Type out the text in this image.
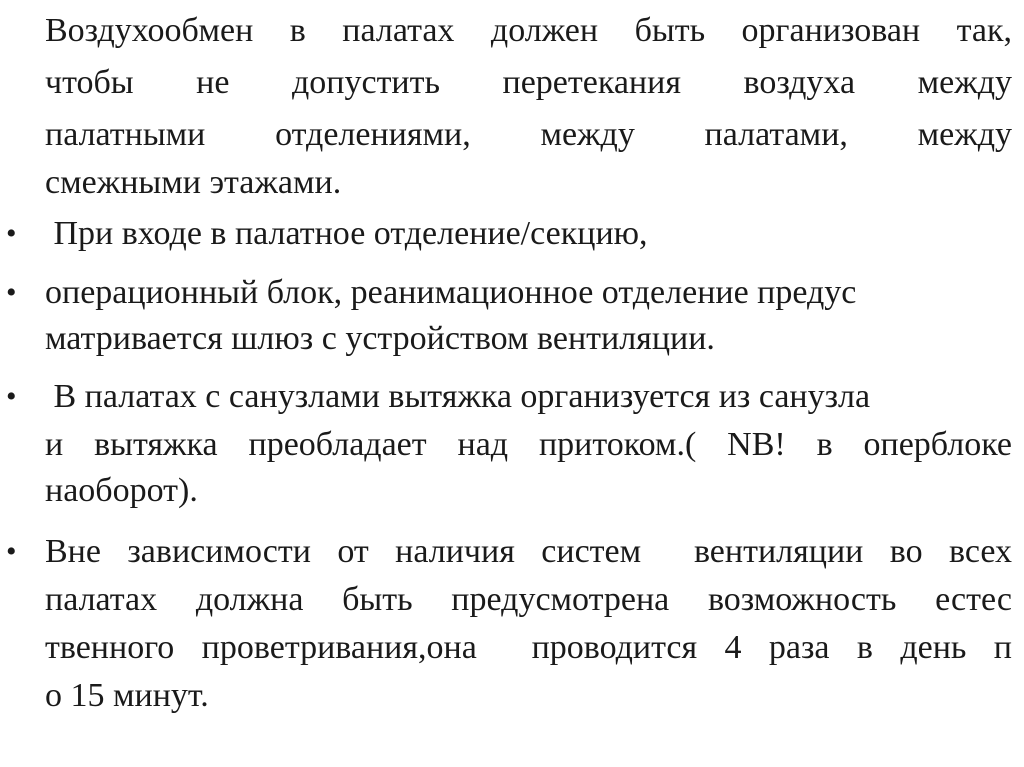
Воздухообмен в палатах должен быть организован так,
чтобы не допустить перетекания воздуха между
палатными отделениями, между палатами, между
смежными этажами.
• При входе в палатное отделение/секцию,
• операционный блок, реанимационное отделение предус
матривается шлюз с устройством вентиляции.
• В палатах с санузлами вытяжка организуется из санузла
и вытяжка преобладает над притоком.( NB! в оперблоке
наоборот).
• Вне зависимости от наличия систем  вентиляции во всех
палатах должна быть предусмотрена возможность естес
твенного проветривания,она  проводится 4 раза в день п
о 15 минут.
